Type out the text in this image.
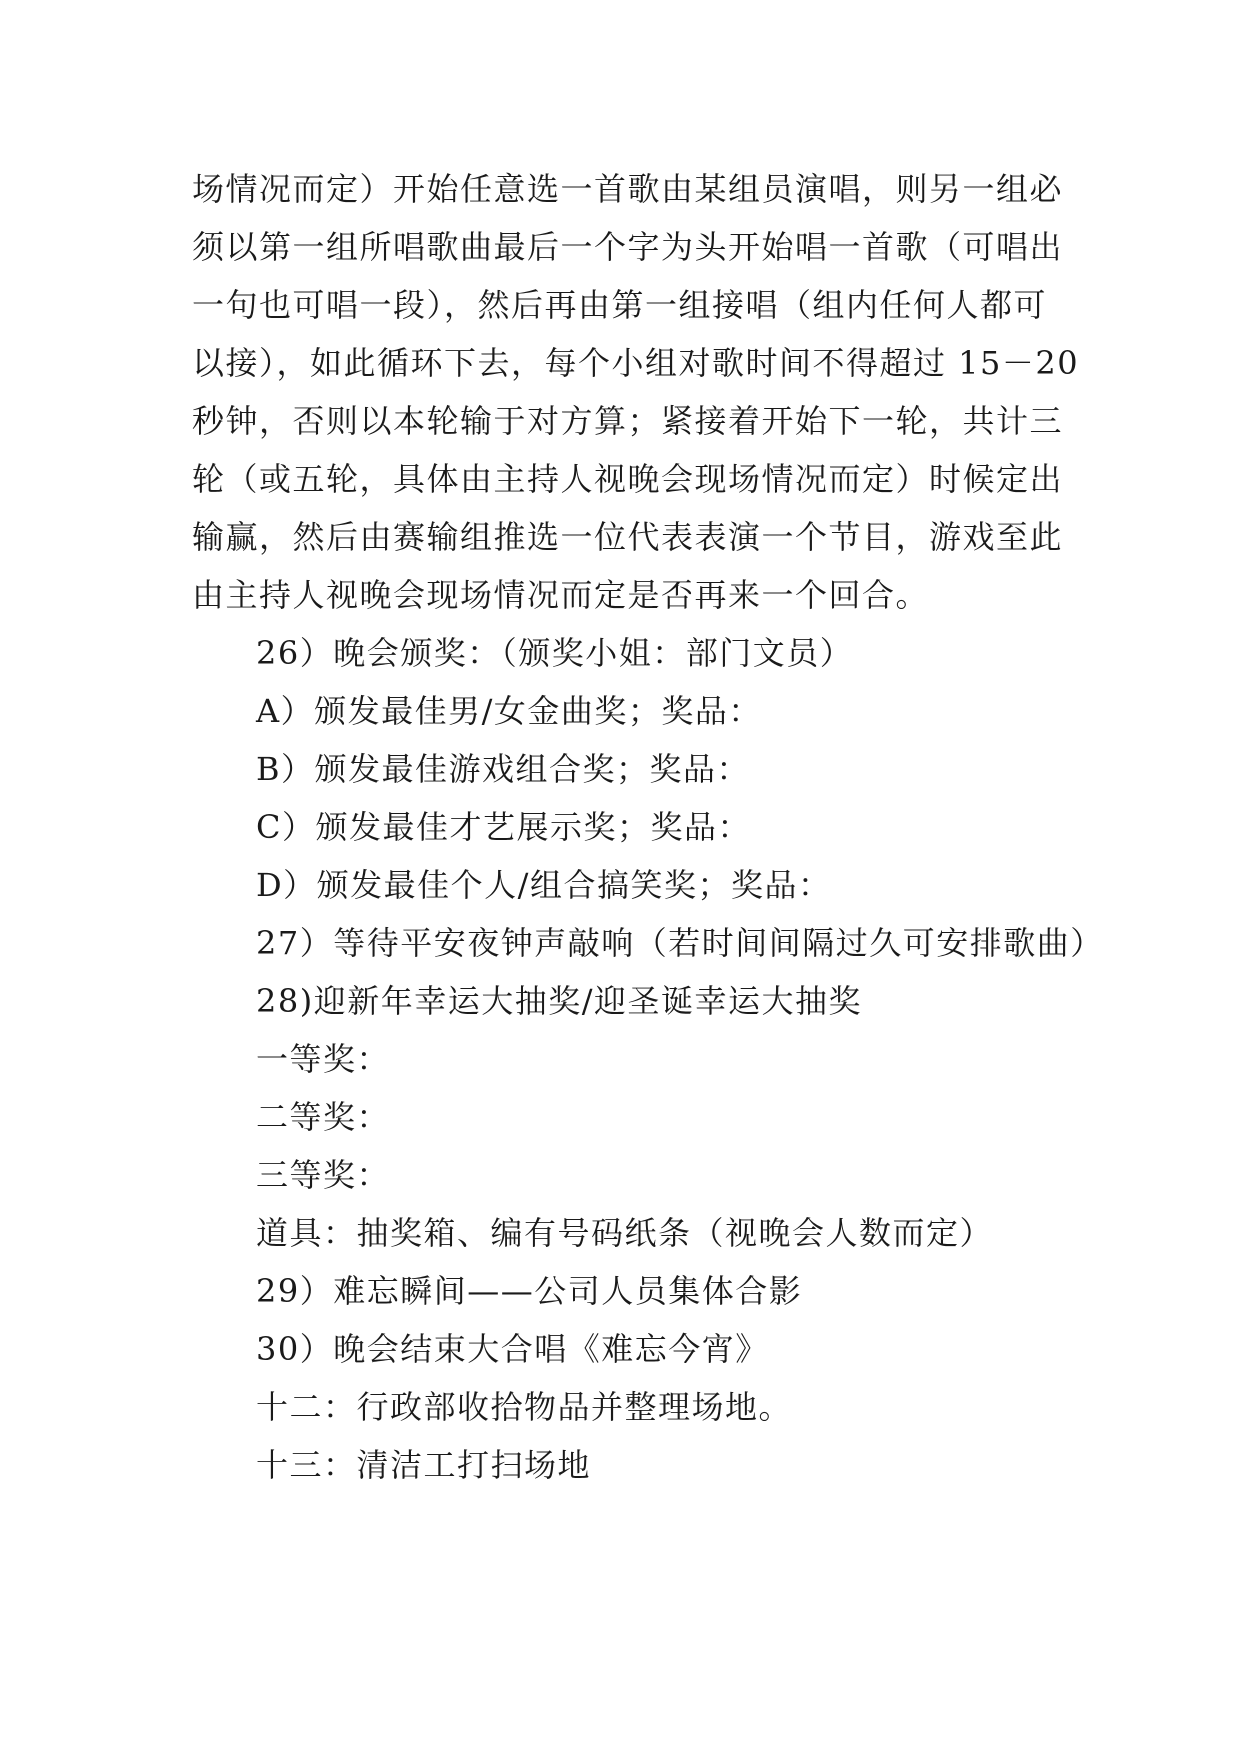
场情况而定）开始任意选一首歌由某组员演唱，则另一组必
须以第一组所唱歌曲最后一个字为头开始唱一首歌（可唱出
一句也可唱一段），然后再由第一组接唱（组内任何人都可
以接），如此循环下去，每个小组对歌时间不得超过 15－20
秒钟，否则以本轮输于对方算；紧接着开始下一轮，共计三
轮（或五轮，具体由主持人视晚会现场情况而定）时候定出
输赢，然后由赛输组推选一位代表表演一个节目，游戏至此
由主持人视晚会现场情况而定是否再来一个回合。
26）晚会颁奖：（颁奖小姐：部门文员）
A）颁发最佳男/女金曲奖；奖品：
B）颁发最佳游戏组合奖；奖品：
C）颁发最佳才艺展示奖；奖品：
D）颁发最佳个人/组合搞笑奖；奖品：
27）等待平安夜钟声敲响（若时间间隔过久可安排歌曲）
28)迎新年幸运大抽奖/迎圣诞幸运大抽奖
一等奖：
二等奖：
三等奖：
道具：抽奖箱、编有号码纸条（视晚会人数而定）
29）难忘瞬间——公司人员集体合影
30）晚会结束大合唱《难忘今宵》
十二：行政部收拾物品并整理场地。
十三：清洁工打扫场地
